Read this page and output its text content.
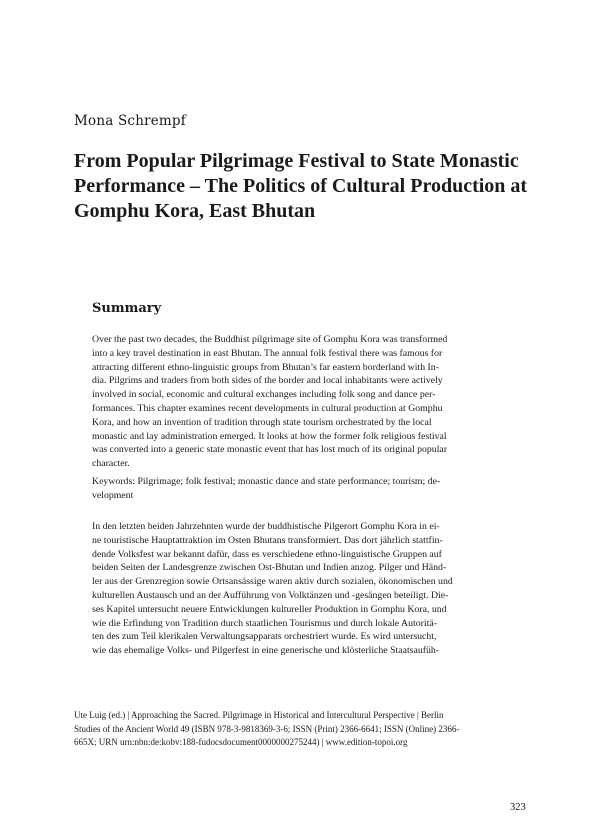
Mona Schrempf
From Popular Pilgrimage Festival to State Monastic
Performance – The Politics of Cultural Production at
Gomphu Kora, East Bhutan
Summary
Over the past two decades, the Buddhist pilgrimage site of Gomphu Kora was transformed
into a key travel destination in east Bhutan. The annual folk festival there was famous for
attracting different ethno-linguistic groups from Bhutan’s far eastern borderland with In-
dia. Pilgrims and traders from both sides of the border and local inhabitants were actively
involved in social, economic and cultural exchanges including folk song and dance per-
formances. This chapter examines recent developments in cultural production at Gomphu
Kora, and how an invention of tradition through state tourism orchestrated by the local
monastic and lay administration emerged. It looks at how the former folk religious festival
was converted into a generic state monastic event that has lost much of its original popular
character.
Keywords: Pilgrimage; folk festival; monastic dance and state performance; tourism; de-
velopment
In den letzten beiden Jahrzehnten wurde der buddhistische Pilgerort Gomphu Kora in ei-
ne touristische Hauptattraktion im Osten Bhutans transformiert. Das dort jährlich stattfin-
dende Volksfest war bekannt dafür, dass es verschiedene ethno-linguistische Gruppen auf
beiden Seiten der Landesgrenze zwischen Ost-Bhutan und Indien anzog. Pilger und Händ-
ler aus der Grenzregion sowie Ortsansässige waren aktiv durch sozialen, ökonomischen und
kulturellen Austausch und an der Aufführung von Volktänzen und -gesängen beteiligt. Die-
ses Kapitel untersucht neuere Entwicklungen kultureller Produktion in Gomphu Kora, und
wie die Erfindung von Tradition durch staatlichen Tourismus und durch lokale Autoritä-
ten des zum Teil klerikalen Verwaltungsapparats orchestriert wurde. Es wird untersucht,
wie das ehemalige Volks- und Pilgerfest in eine generische und klösterliche Staatsaufüh-
Ute Luig (ed.) | Approaching the Sacred. Pilgrimage in Historical and Intercultural Perspective | Berlin
Studies of the Ancient World 49 (ISBN 978-3-9818369-3-6; ISSN (Print) 2366-6641; ISSN (Online) 2366-
665X; URN urn:nbn:de:kobv:188-fudocsdocument0000000275244) | www.edition-topoi.org
323
